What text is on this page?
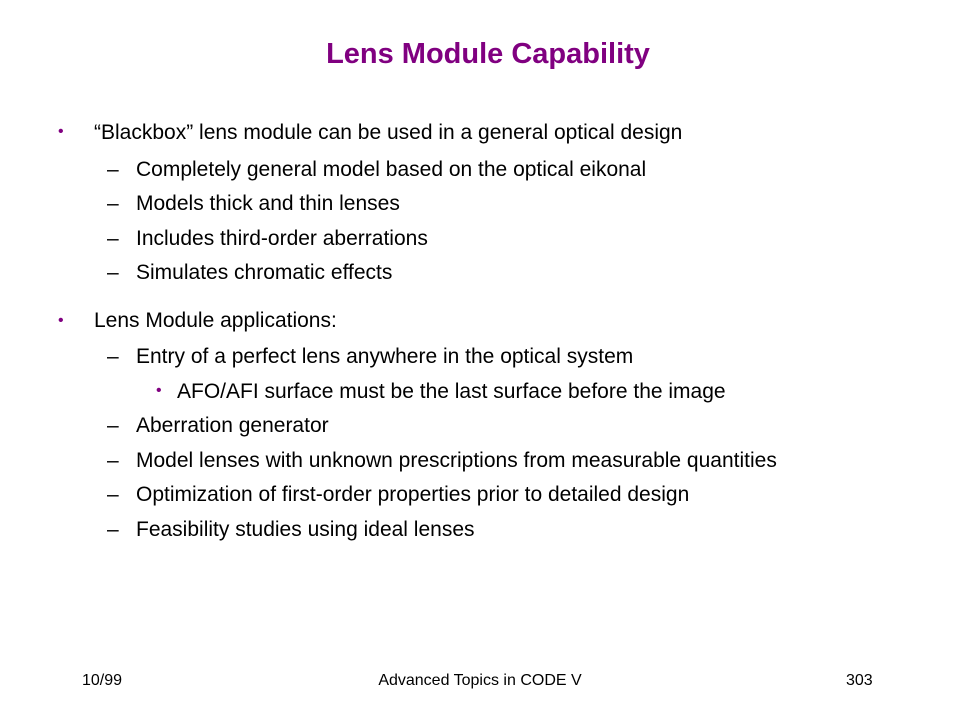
Lens Module Capability
• “Blackbox” lens module can be used in a general optical design
– Completely general model based on the optical eikonal
– Models thick and thin lenses
– Includes third-order aberrations
– Simulates chromatic effects
• Lens Module applications:
– Entry of a perfect lens anywhere in the optical system
• AFO/AFI surface must be the last surface before the image
– Aberration generator
– Model lenses with unknown prescriptions from measurable quantities
– Optimization of first-order properties prior to detailed design
– Feasibility studies using ideal lenses
10/99	Advanced Topics in CODE V	303
